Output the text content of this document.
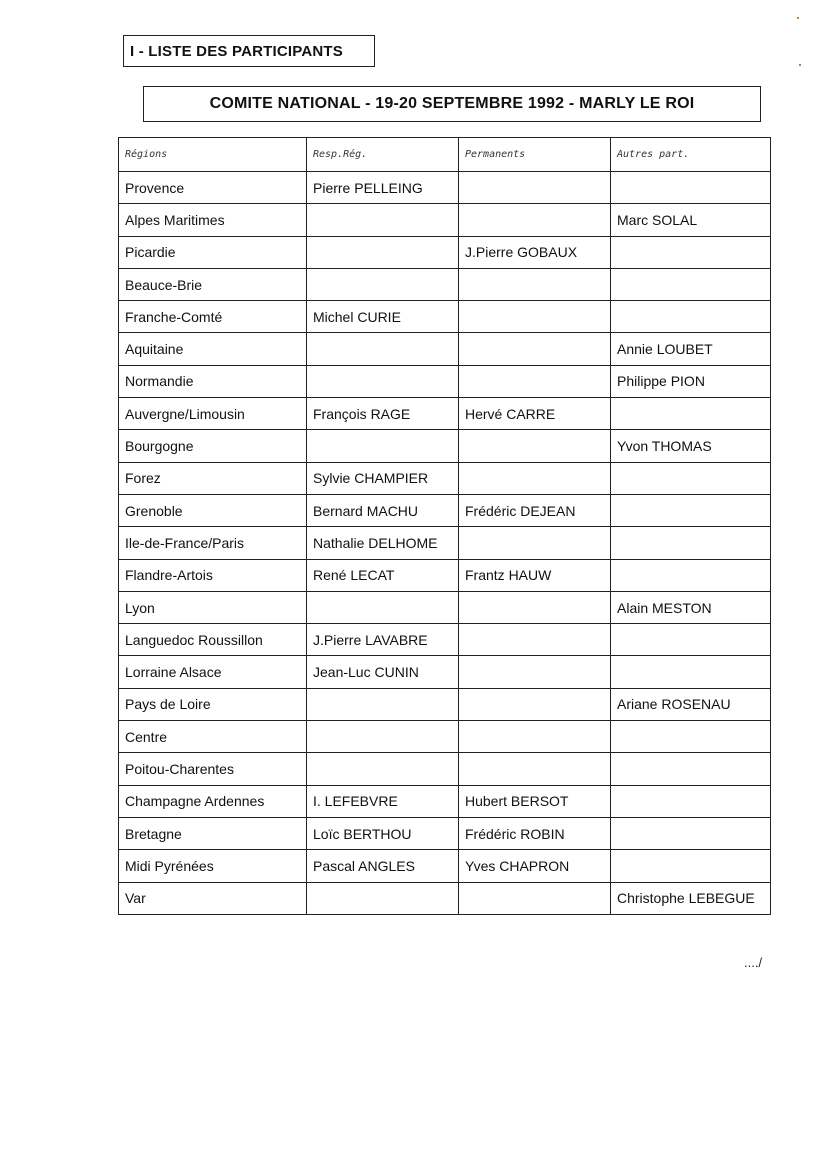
I - LISTE DES PARTICIPANTS
COMITE NATIONAL - 19-20 SEPTEMBRE 1992 - MARLY LE ROI
Régions	Resp.Rég.	Permanents	Autres part.
Provence	Pierre PELLEING		
Alpes Maritimes			Marc SOLAL
Picardie		J.Pierre GOBAUX	
Beauce-Brie			
Franche-Comté	Michel CURIE		
Aquitaine			Annie LOUBET
Normandie			Philippe PION
Auvergne/Limousin	François RAGE	Hervé CARRE	
Bourgogne			Yvon THOMAS
Forez	Sylvie CHAMPIER		
Grenoble	Bernard MACHU	Frédéric DEJEAN	
Ile-de-France/Paris	Nathalie DELHOME		
Flandre-Artois	René LECAT	Frantz HAUW	
Lyon			Alain MESTON
Languedoc Roussillon	J.Pierre LAVABRE		
Lorraine Alsace	Jean-Luc CUNIN		
Pays de Loire			Ariane ROSENAU
Centre			
Poitou-Charentes			
Champagne Ardennes	I. LEFEBVRE	Hubert BERSOT	
Bretagne	Loïc BERTHOU	Frédéric ROBIN	
Midi Pyrénées	Pascal ANGLES	Yves CHAPRON	
Var			Christophe LEBEGUE
..../
